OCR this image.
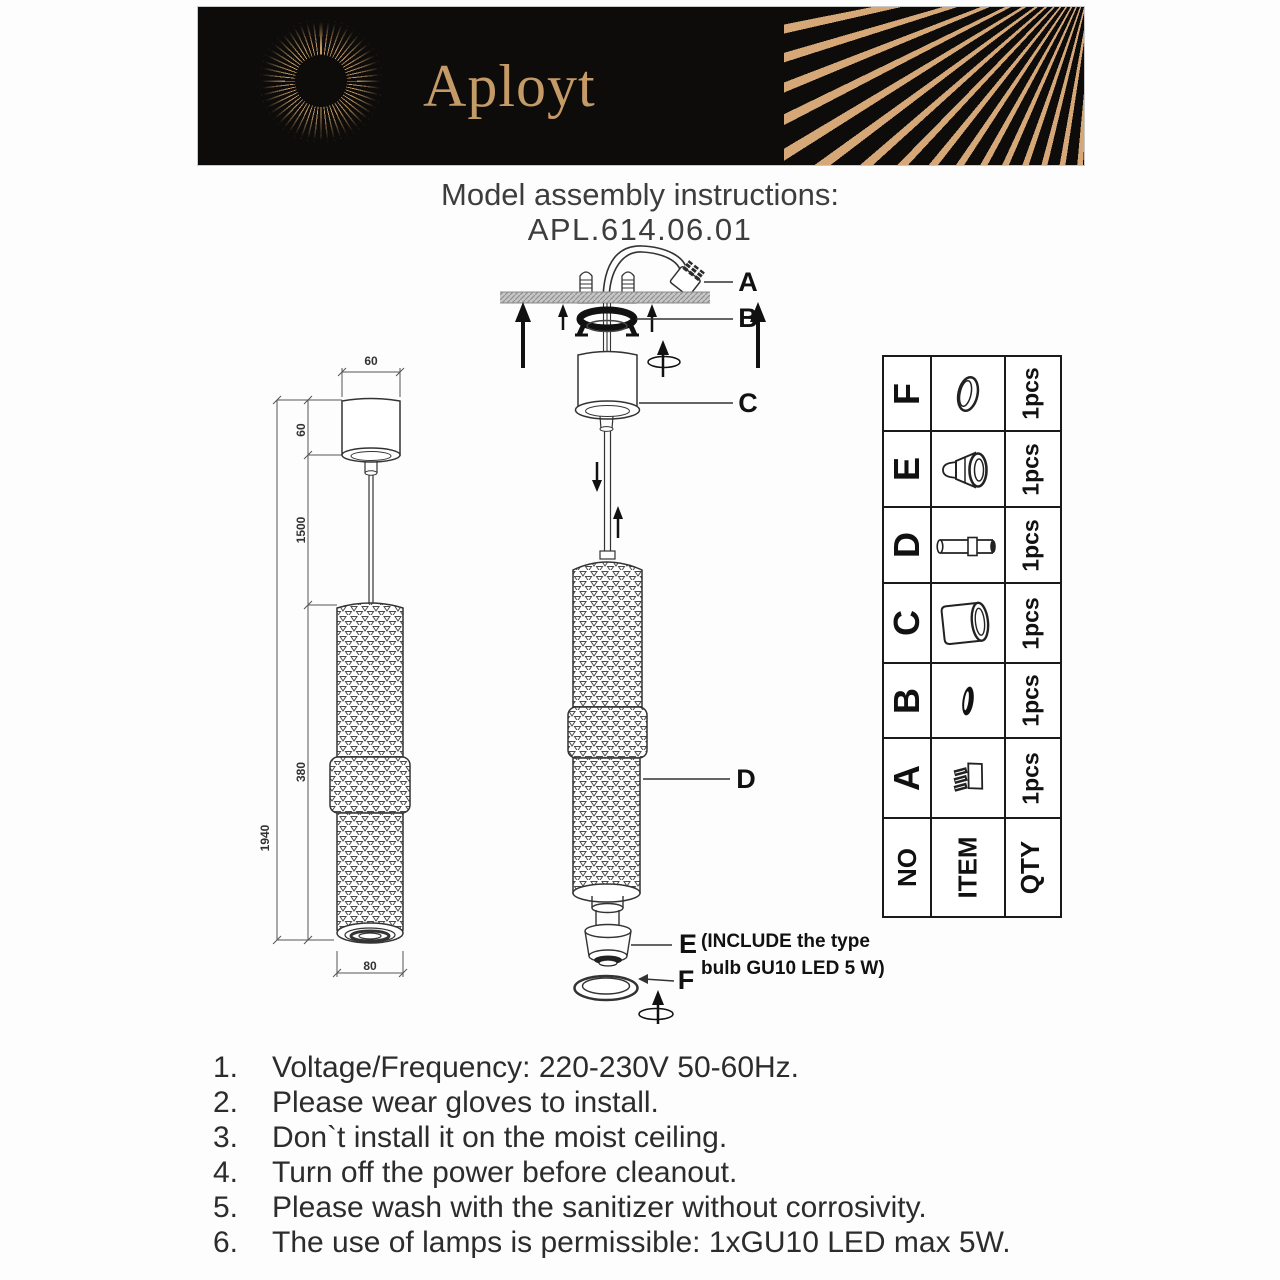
Aployt
Model assembly instructions:
APL.614.06.01
60
60
1500
380
1940
80
A
B
C
D
E
F
(INCLUDE the type
bulb GU10 LED 5 W)
F	1pcs
E	1pcs
D	1pcs
C	1pcs
B	1pcs
A	1pcs
NO ITEM QTY
1.	Voltage/Frequency: 220-230V 50-60Hz.
2.	Please wear gloves to install.
3.	Don`t install it on the moist ceiling.
4.	Turn off the power before cleanout.
5.	Please wash with the sanitizer without corrosivity.
6.	The use of lamps is permissible: 1xGU10 LED max 5W.
